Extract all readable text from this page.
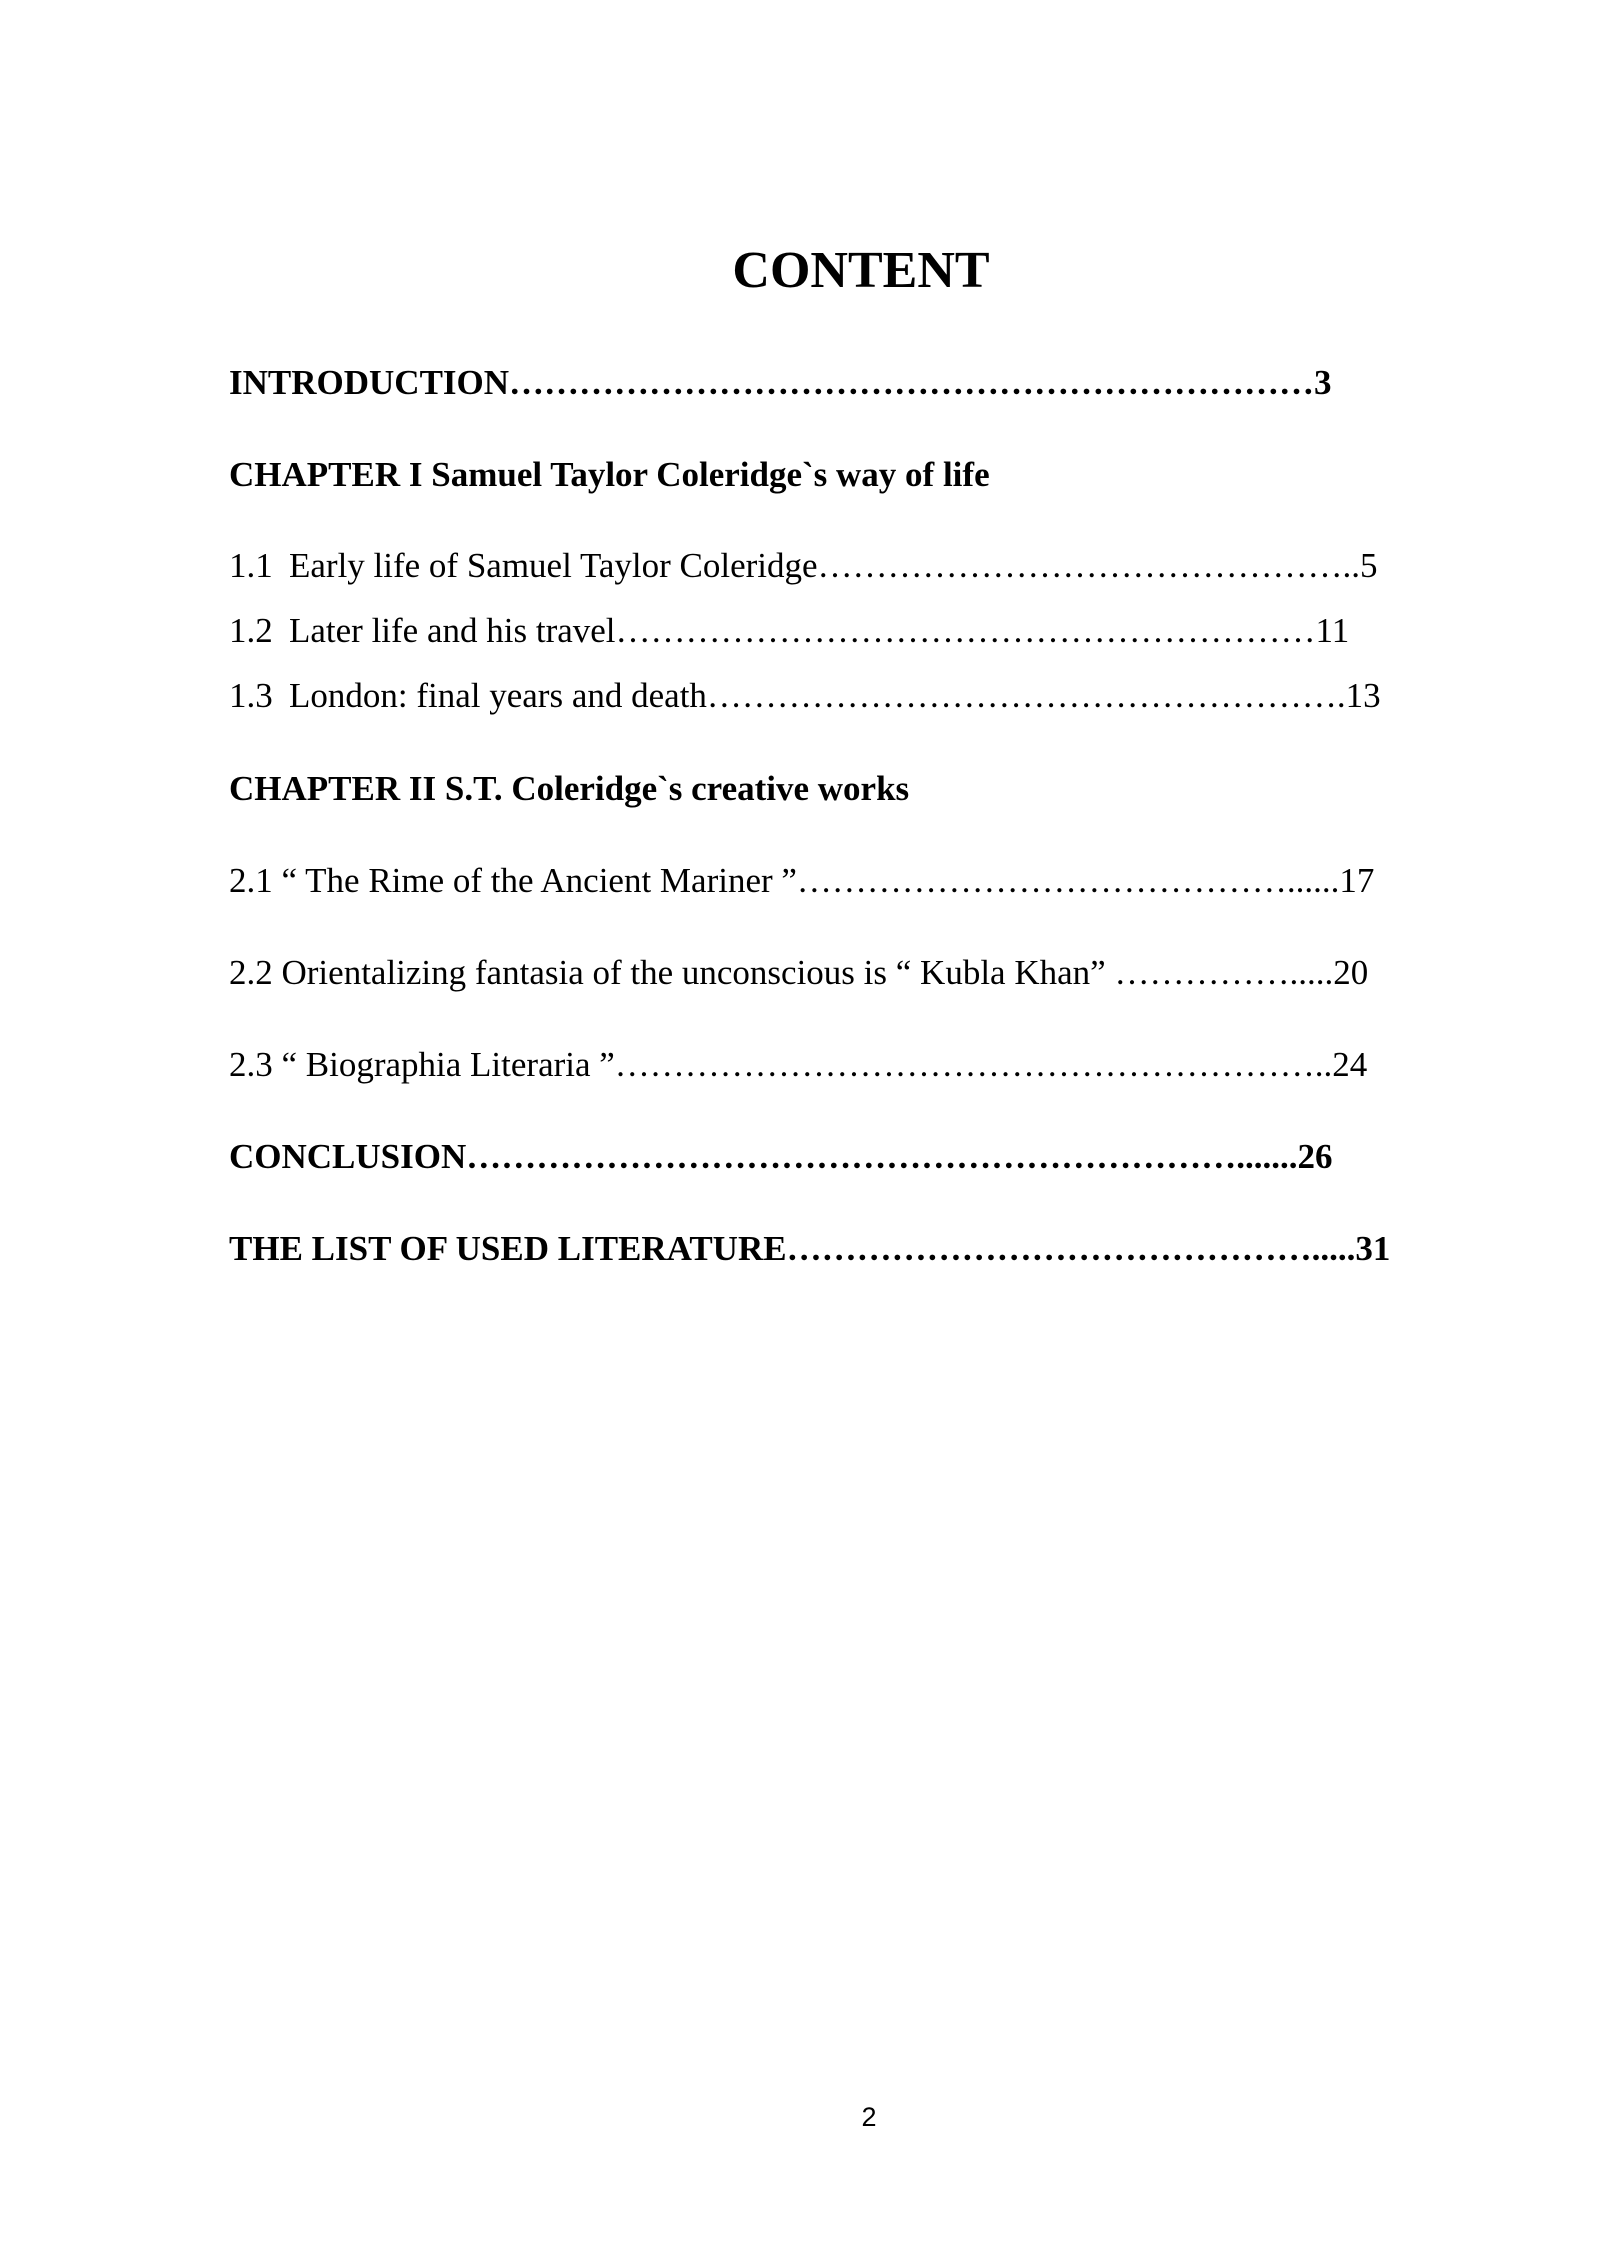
CONTENT
INTRODUCTION……………………………………………………………3
CHAPTER I Samuel Taylor Coleridge`s way of life
1.1 Early life of Samuel Taylor Coleridge………………………………………..5
1.2 Later life and his travel……………………………………………………11
1.3 London: final years and death……………………………………………….13
CHAPTER II S.T. Coleridge`s creative works
2.1 “ The Rime of the Ancient Mariner ”……………………………………......17
2.2 Orientalizing fantasia of the unconscious is “ Kubla Khan” …………….....20
2.3 “ Biographia Literaria ”……………………………………………………..24
CONCLUSION………………………………………………………….......26
THE LIST OF USED LITERATURE……………………………………….....31
2
